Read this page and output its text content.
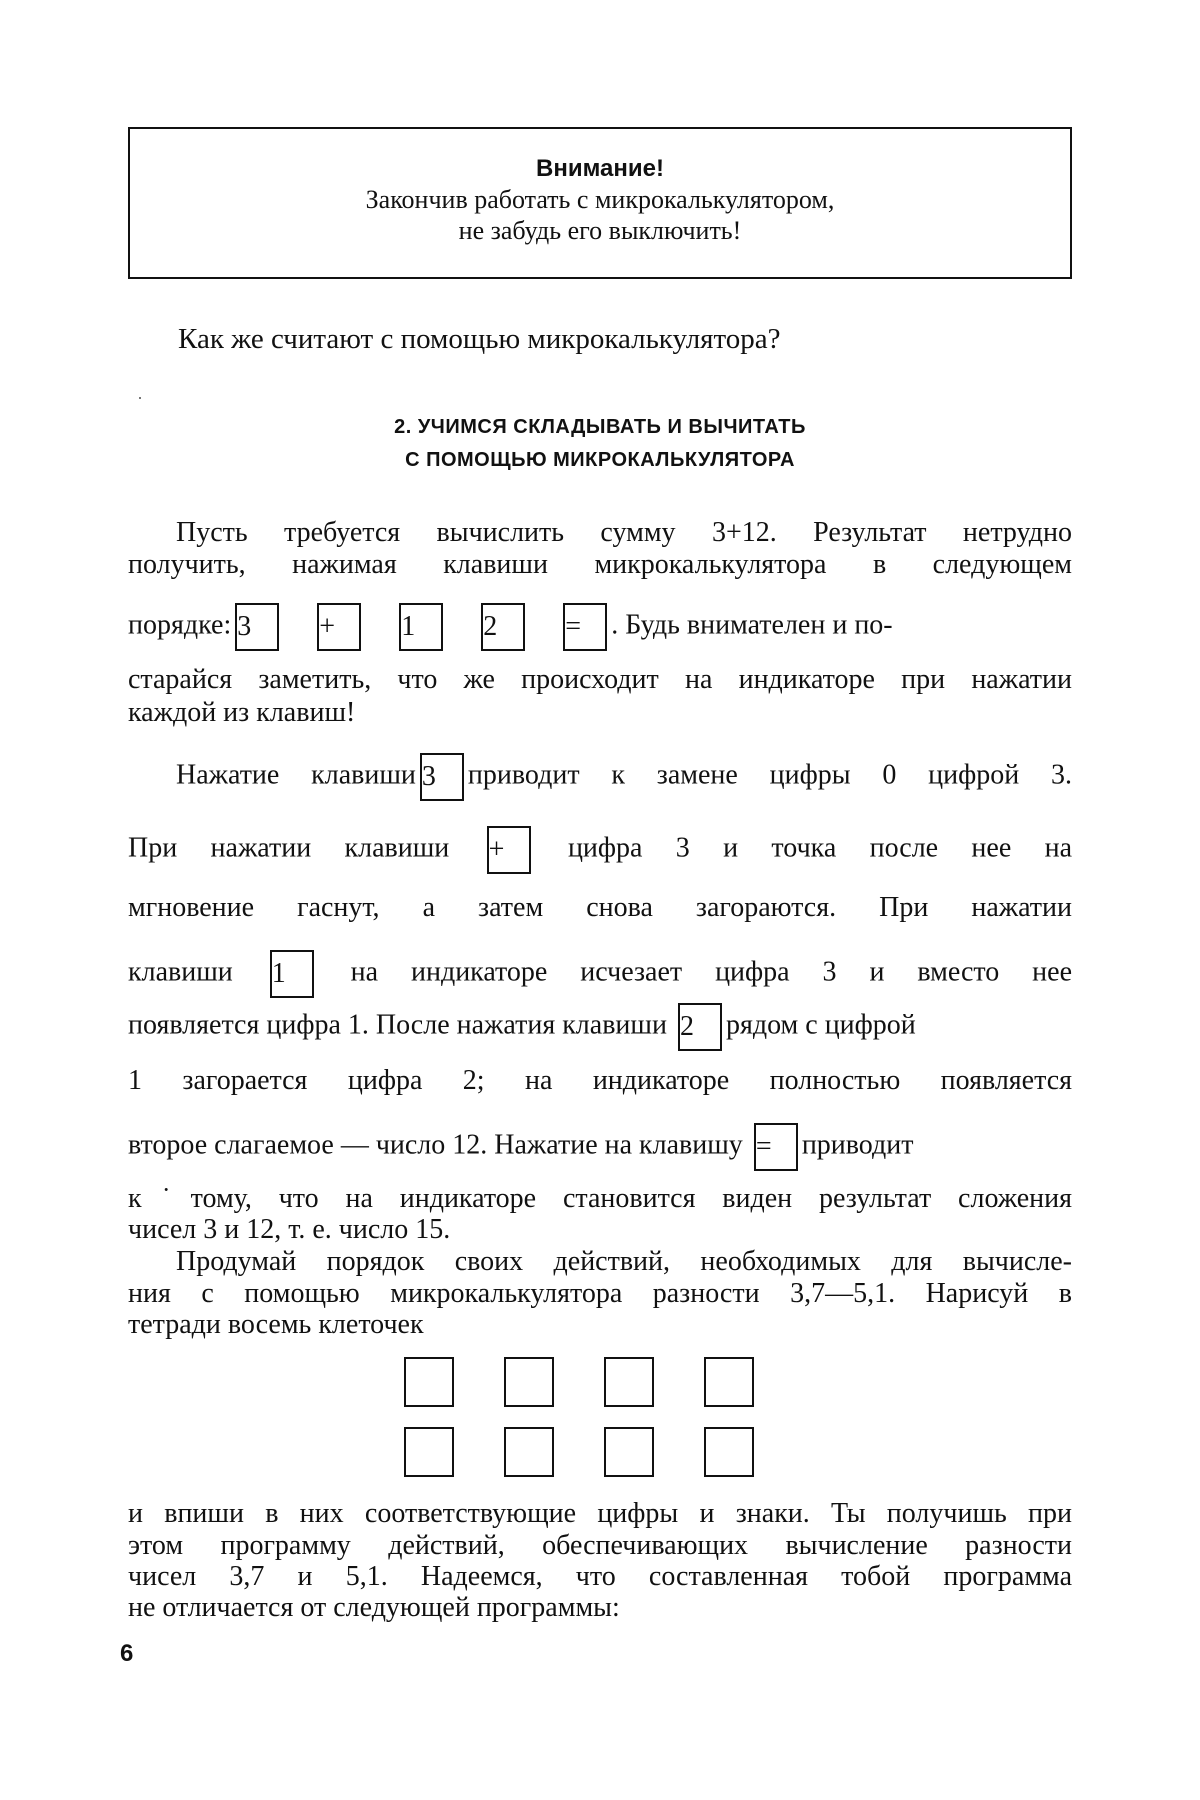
Внимание!
Закончив работать с микрокалькулятором,
не забудь его выключить!
Как же считают с помощью микрокалькулятора?
2. УЧИМСЯ СКЛАДЫВАТЬ И ВЫЧИТАТЬ
С ПОМОЩЬЮ МИКРОКАЛЬКУЛЯТОРА
Пусть требуется вычислить сумму 3+12. Результат нетрудно
получить, нажимая клавиши микрокалькулятора в следующем
порядке: 3 + 1 2 = . Будь внимателен и по-
старайся заметить, что же происходит на индикаторе при нажатии
каждой из клавиш!
Нажатие клавиши 3 приводит к замене цифры 0 цифрой 3.
При нажатии клавиши + цифра 3 и точка после нее на
мгновение гаснут, а затем снова загораются. При нажатии
клавиши 1 на индикаторе исчезает цифра 3 и вместо нее
появляется цифра 1. После нажатия клавиши 2 рядом с цифрой
1 загорается цифра 2; на индикаторе полностью появляется
второе слагаемое — число 12. Нажатие на клавишу = приводит
к˙тому, что на индикаторе становится виден результат сложения
чисел 3 и 12, т. е. число 15.
Продумай порядок своих действий, необходимых для вычисле-
ния с помощью микрокалькулятора разности 3,7—5,1. Нарисуй в
тетради восемь клеточек
и впиши в них соответствующие цифры и знаки. Ты получишь при
этом программу действий, обеспечивающих вычисление разности
чисел 3,7 и 5,1. Надеемся, что составленная тобой программа
не отличается от следующей программы:
6
